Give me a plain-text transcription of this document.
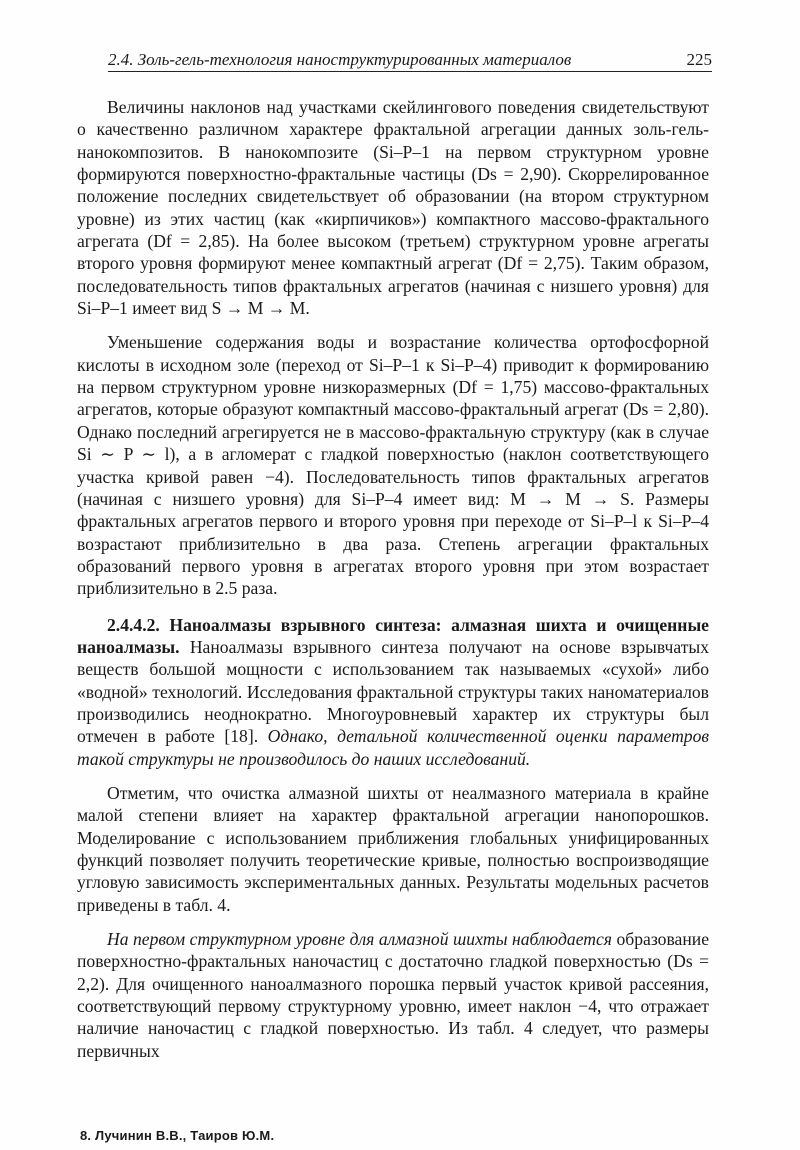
2.4. Золь-гель-технология наноструктурированных материалов	225

Величины наклонов над участками скейлингового поведения свидетельствуют о качественно различном характере фрактальной агрегации данных золь-гель-нанокомпозитов. В нанокомпозите (Si–P–1 на первом структурном уровне формируются поверхностно-фрактальные частицы (Ds = 2,90). Скоррелированное положение последних свидетельствует об образовании (на втором структурном уровне) из этих частиц (как «кирпичиков») компактного массово-фрактального агрегата (Df = 2,85). На более высоком (третьем) структурном уровне агрегаты второго уровня формируют менее компактный агрегат (Df = 2,75). Таким образом, последовательность типов фрактальных агрегатов (начиная с низшего уровня) для Si–P–1 имеет вид S → M → M.

Уменьшение содержания воды и возрастание количества ортофосфорной кислоты в исходном золе (переход от Si–P–1 к Si–P–4) приводит к формированию на первом структурном уровне низкоразмерных (Df = 1,75) массово-фрактальных агрегатов, которые образуют компактный массово-фрактальный агрегат (Ds = 2,80). Однако последний агрегируется не в массово-фрактальную структуру (как в случае Si ∼ P ∼ l), а в агломерат с гладкой поверхностью (наклон соответствующего участка кривой равен −4). Последовательность типов фрактальных агрегатов (начиная с низшего уровня) для Si–P–4 имеет вид: M → M → S. Размеры фрактальных агрегатов первого и второго уровня при переходе от Si–P–l к Si–P–4 возрастают приблизительно в два раза. Степень агрегации фрактальных образований первого уровня в агрегатах второго уровня при этом возрастает приблизительно в 2.5 раза.

2.4.4.2. Наноалмазы взрывного синтеза: алмазная шихта и очищенные наноалмазы. Наноалмазы взрывного синтеза получают на основе взрывчатых веществ большой мощности с использованием так называемых «сухой» либо «водной» технологий. Исследования фрактальной структуры таких наноматериалов производились неоднократно. Многоуровневый характер их структуры был отмечен в работе [18]. Однако, детальной количественной оценки параметров такой структуры не производилось до наших исследований.

Отметим, что очистка алмазной шихты от неалмазного материала в крайне малой степени влияет на характер фрактальной агрегации нанопорошков. Моделирование с использованием приближения глобальных унифицированных функций позволяет получить теоретические кривые, полностью воспроизводящие угловую зависимость экспериментальных данных. Результаты модельных расчетов приведены в табл. 4.

На первом структурном уровне для алмазной шихты наблюдается образование поверхностно-фрактальных наночастиц с достаточно гладкой поверхностью (Ds = 2,2). Для очищенного наноалмазного порошка первый участок кривой рассеяния, соответствующий первому структурному уровню, имеет наклон −4, что отражает наличие наночастиц с гладкой поверхностью. Из табл. 4 следует, что размеры первичных

8. Лучинин В.В., Таиров Ю.М.
